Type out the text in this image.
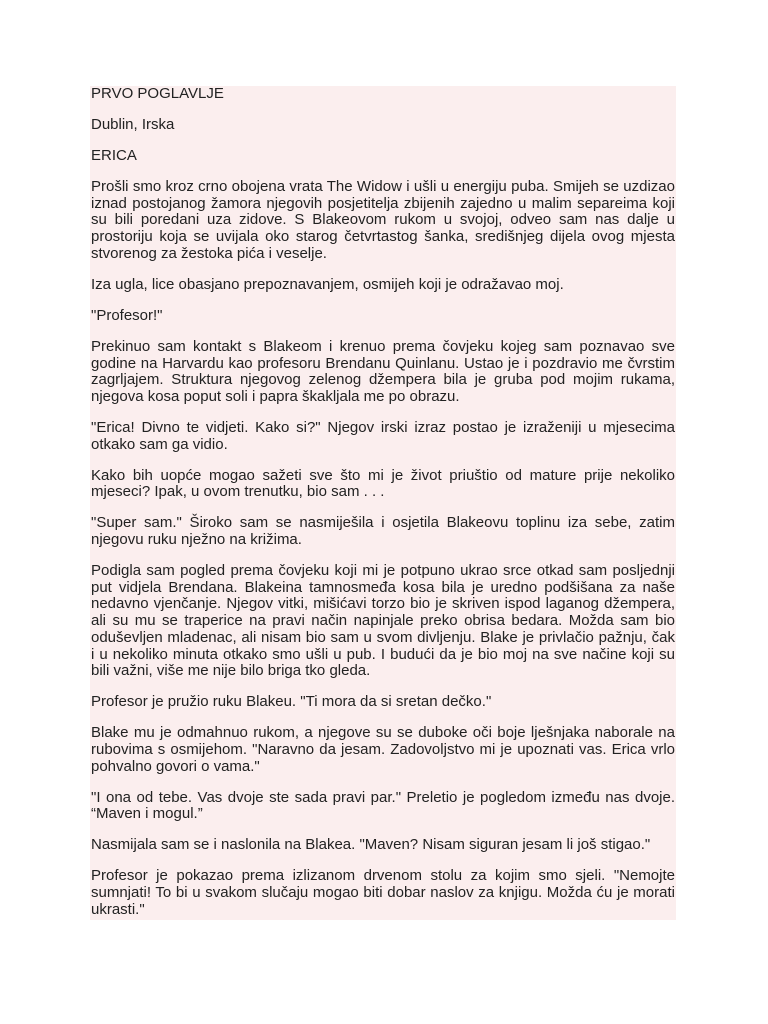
PRVO POGLAVLJE

Dublin, Irska

ERICA

Prošli smo kroz crno obojena vrata The Widow i ušli u energiju puba. Smijeh se uzdizao iznad postojanog žamora njegovih posjetitelja zbijenih zajedno u malim separeima koji su bili poredani uza zidove. S Blakeovom rukom u svojoj, odveo sam nas dalje u prostoriju koja se uvijala oko starog četvrtastog šanka, središnjeg dijela ovog mjesta stvorenog za žestoka pića i veselje.

Iza ugla, lice obasjano prepoznavanjem, osmijeh koji je odražavao moj.

"Profesor!"

Prekinuo sam kontakt s Blakeom i krenuo prema čovjeku kojeg sam poznavao sve godine na Harvardu kao profesoru Brendanu Quinlanu. Ustao je i pozdravio me čvrstim zagrljajem. Struktura njegovog zelenog džempera bila je gruba pod mojim rukama, njegova kosa poput soli i papra škakljala me po obrazu.

"Erica! Divno te vidjeti. Kako si?" Njegov irski izraz postao je izraženiji u mjesecima otkako sam ga vidio.

Kako bih uopće mogao sažeti sve što mi je život priuštio od mature prije nekoliko mjeseci? Ipak, u ovom trenutku, bio sam . . .

"Super sam." Široko sam se nasmiješila i osjetila Blakeovu toplinu iza sebe, zatim njegovu ruku nježno na križima.

Podigla sam pogled prema čovjeku koji mi je potpuno ukrao srce otkad sam posljednji put vidjela Brendana. Blakeina tamnosmeđa kosa bila je uredno podšišana za naše nedavno vjenčanje. Njegov vitki, mišićavi torzo bio je skriven ispod laganog džempera, ali su mu se traperice na pravi način napinjale preko obrisa bedara. Možda sam bio oduševljen mladenac, ali nisam bio sam u svom divljenju. Blake je privlačio pažnju, čak i u nekoliko minuta otkako smo ušli u pub. I budući da je bio moj na sve načine koji su bili važni, više me nije bilo briga tko gleda.

Profesor je pružio ruku Blakeu. "Ti mora da si sretan dečko."

Blake mu je odmahnuo rukom, a njegove su se duboke oči boje lješnjaka naborale na rubovima s osmijehom. "Naravno da jesam. Zadovoljstvo mi je upoznati vas. Erica vrlo pohvalno govori o vama."

"I ona od tebe. Vas dvoje ste sada pravi par." Preletio je pogledom između nas dvoje. “Maven i mogul.”

Nasmijala sam se i naslonila na Blakea. "Maven? Nisam siguran jesam li još stigao."

Profesor je pokazao prema izlizanom drvenom stolu za kojim smo sjeli. "Nemojte sumnjati! To bi u svakom slučaju mogao biti dobar naslov za knjigu. Možda ću je morati ukrasti."
